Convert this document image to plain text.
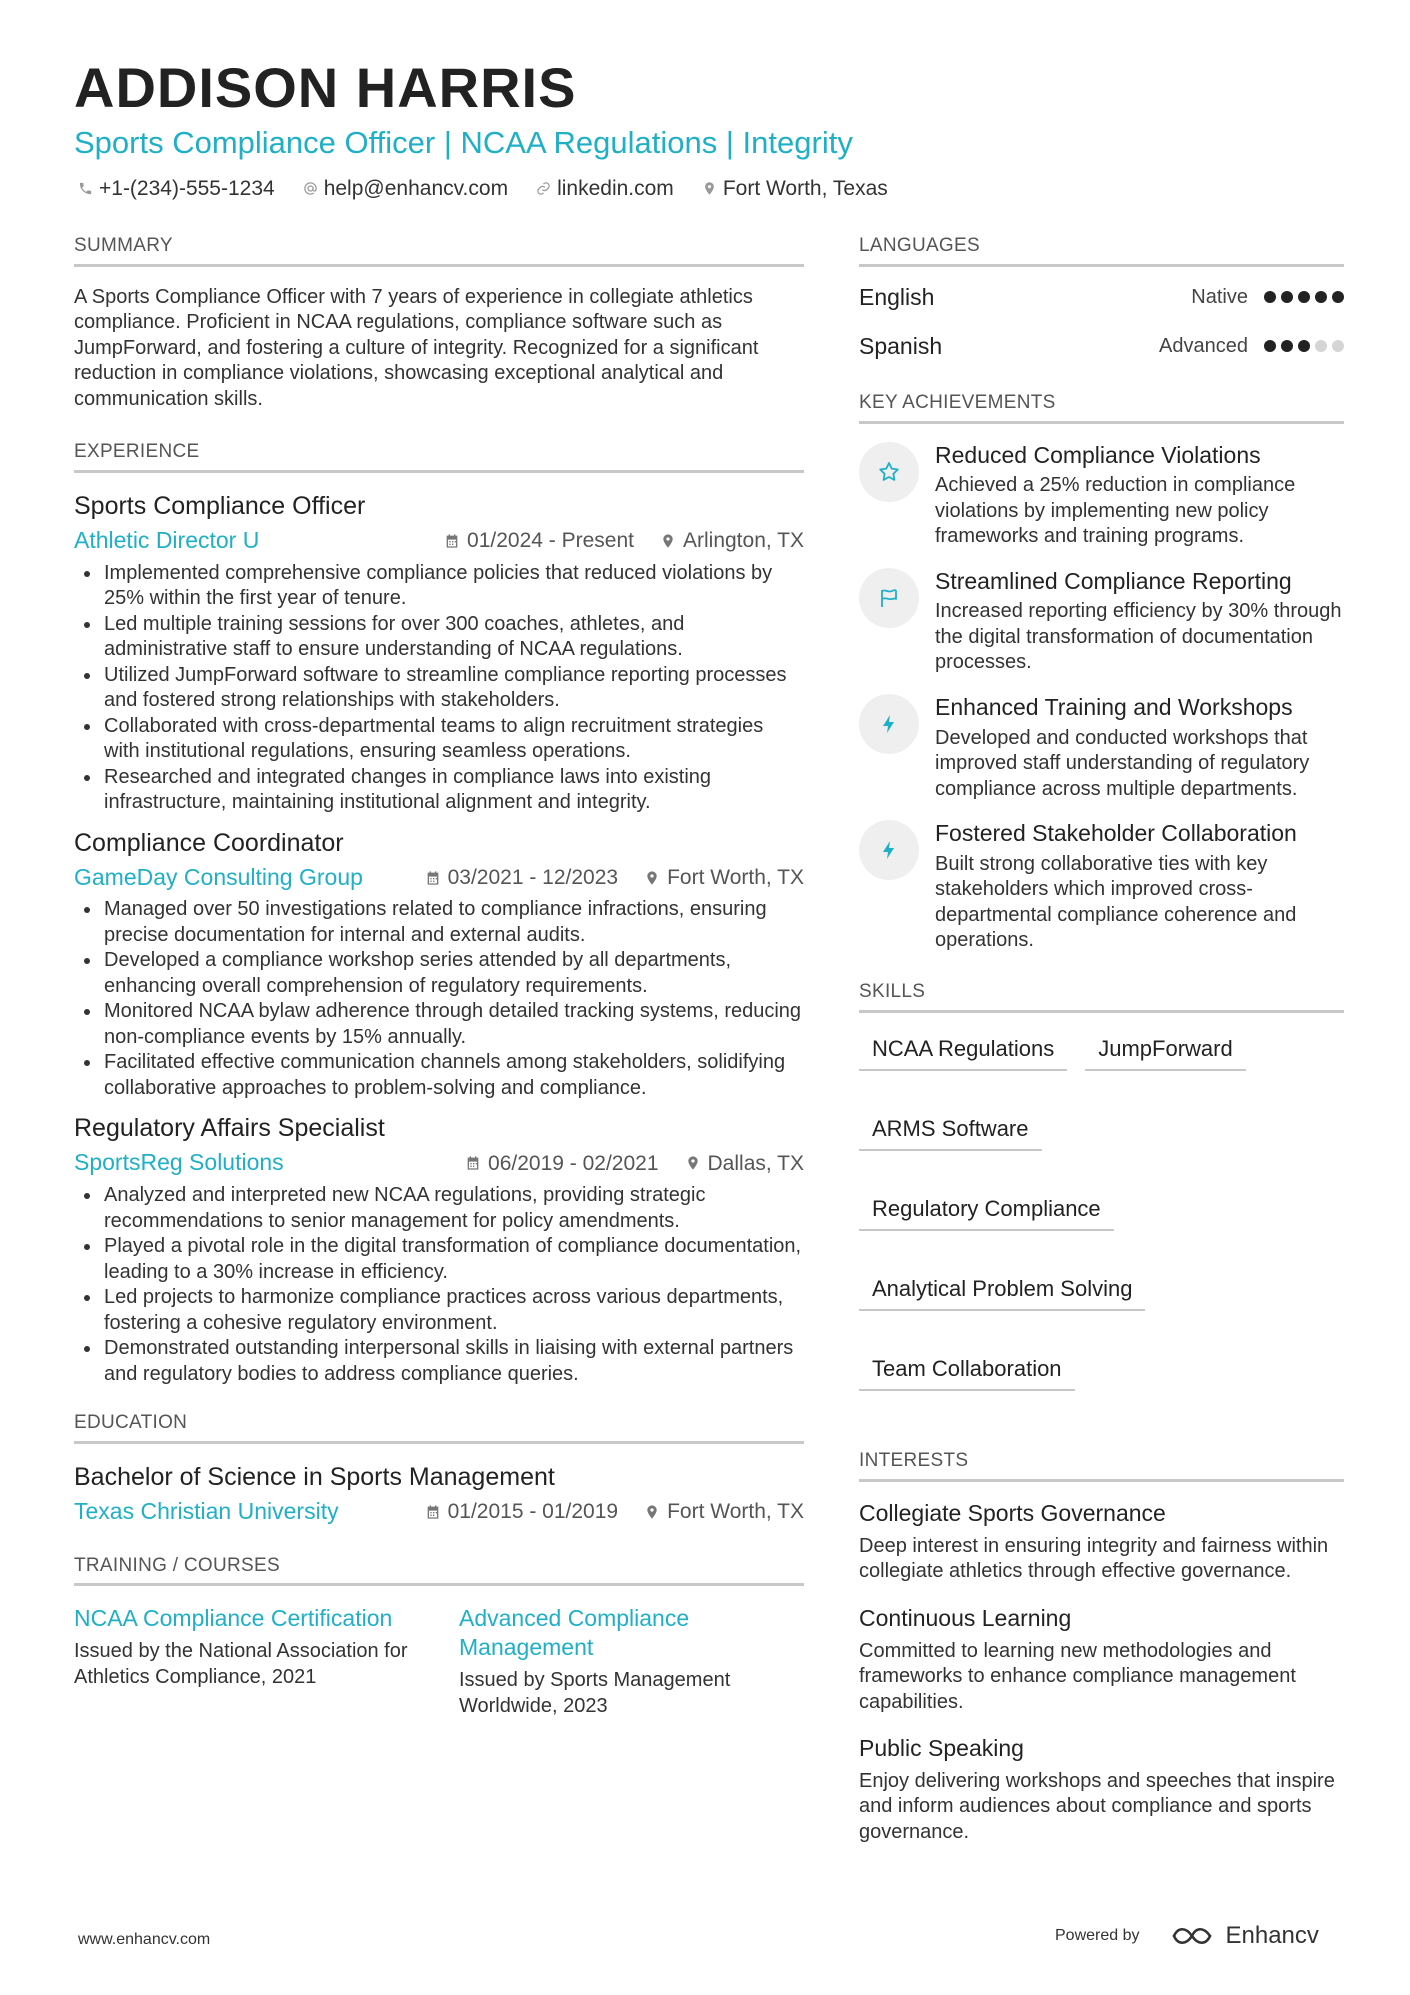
ADDISON HARRIS
Sports Compliance Officer | NCAA Regulations | Integrity
+1-(234)-555-1234 help@enhancv.com linkedin.com Fort Worth, Texas
SUMMARY

A Sports Compliance Officer with 7 years of experience in collegiate athletics compliance. Proficient in NCAA regulations, compliance software such as JumpForward, and fostering a culture of integrity. Recognized for a significant reduction in compliance violations, showcasing exceptional analytical and communication skills.

EXPERIENCE
Sports Compliance Officer
Athletic Director U	01/2024 - Present Arlington, TX
• Implemented comprehensive compliance policies that reduced violations by 25% within the first year of tenure.
• Led multiple training sessions for over 300 coaches, athletes, and administrative staff to ensure understanding of NCAA regulations.
• Utilized JumpForward software to streamline compliance reporting processes and fostered strong relationships with stakeholders.
• Collaborated with cross-departmental teams to align recruitment strategies with institutional regulations, ensuring seamless operations.
• Researched and integrated changes in compliance laws into existing infrastructure, maintaining institutional alignment and integrity.
Compliance Coordinator
GameDay Consulting Group	03/2021 - 12/2023 Fort Worth, TX
• Managed over 50 investigations related to compliance infractions, ensuring precise documentation for internal and external audits.
• Developed a compliance workshop series attended by all departments, enhancing overall comprehension of regulatory requirements.
• Monitored NCAA bylaw adherence through detailed tracking systems, reducing non-compliance events by 15% annually.
• Facilitated effective communication channels among stakeholders, solidifying collaborative approaches to problem-solving and compliance.
Regulatory Affairs Specialist
SportsReg Solutions	06/2019 - 02/2021 Dallas, TX
• Analyzed and interpreted new NCAA regulations, providing strategic recommendations to senior management for policy amendments.
• Played a pivotal role in the digital transformation of compliance documentation, leading to a 30% increase in efficiency.
• Led projects to harmonize compliance practices across various departments, fostering a cohesive regulatory environment.
• Demonstrated outstanding interpersonal skills in liaising with external partners and regulatory bodies to address compliance queries.
EDUCATION
Bachelor of Science in Sports Management
Texas Christian University	01/2015 - 01/2019 Fort Worth, TX
TRAINING / COURSES
NCAA Compliance Certification
Issued by the National Association for Athletics Compliance, 2021
Advanced Compliance Management
Issued by Sports Management Worldwide, 2023
LANGUAGES
English	Native
Spanish	Advanced
KEY ACHIEVEMENTS
Reduced Compliance Violations
Achieved a 25% reduction in compliance violations by implementing new policy frameworks and training programs.
Streamlined Compliance Reporting
Increased reporting efficiency by 30% through the digital transformation of documentation processes.
Enhanced Training and Workshops
Developed and conducted workshops that improved staff understanding of regulatory compliance across multiple departments.
Fostered Stakeholder Collaboration
Built strong collaborative ties with key stakeholders which improved cross-departmental compliance coherence and operations.
SKILLS
NCAA Regulations	JumpForward
ARMS Software
Regulatory Compliance
Analytical Problem Solving
Team Collaboration
INTERESTS
Collegiate Sports Governance
Deep interest in ensuring integrity and fairness within collegiate athletics through effective governance.
Continuous Learning
Committed to learning new methodologies and frameworks to enhance compliance management capabilities.
Public Speaking
Enjoy delivering workshops and speeches that inspire and inform audiences about compliance and sports governance.
www.enhancv.com	Powered by	Enhancv
